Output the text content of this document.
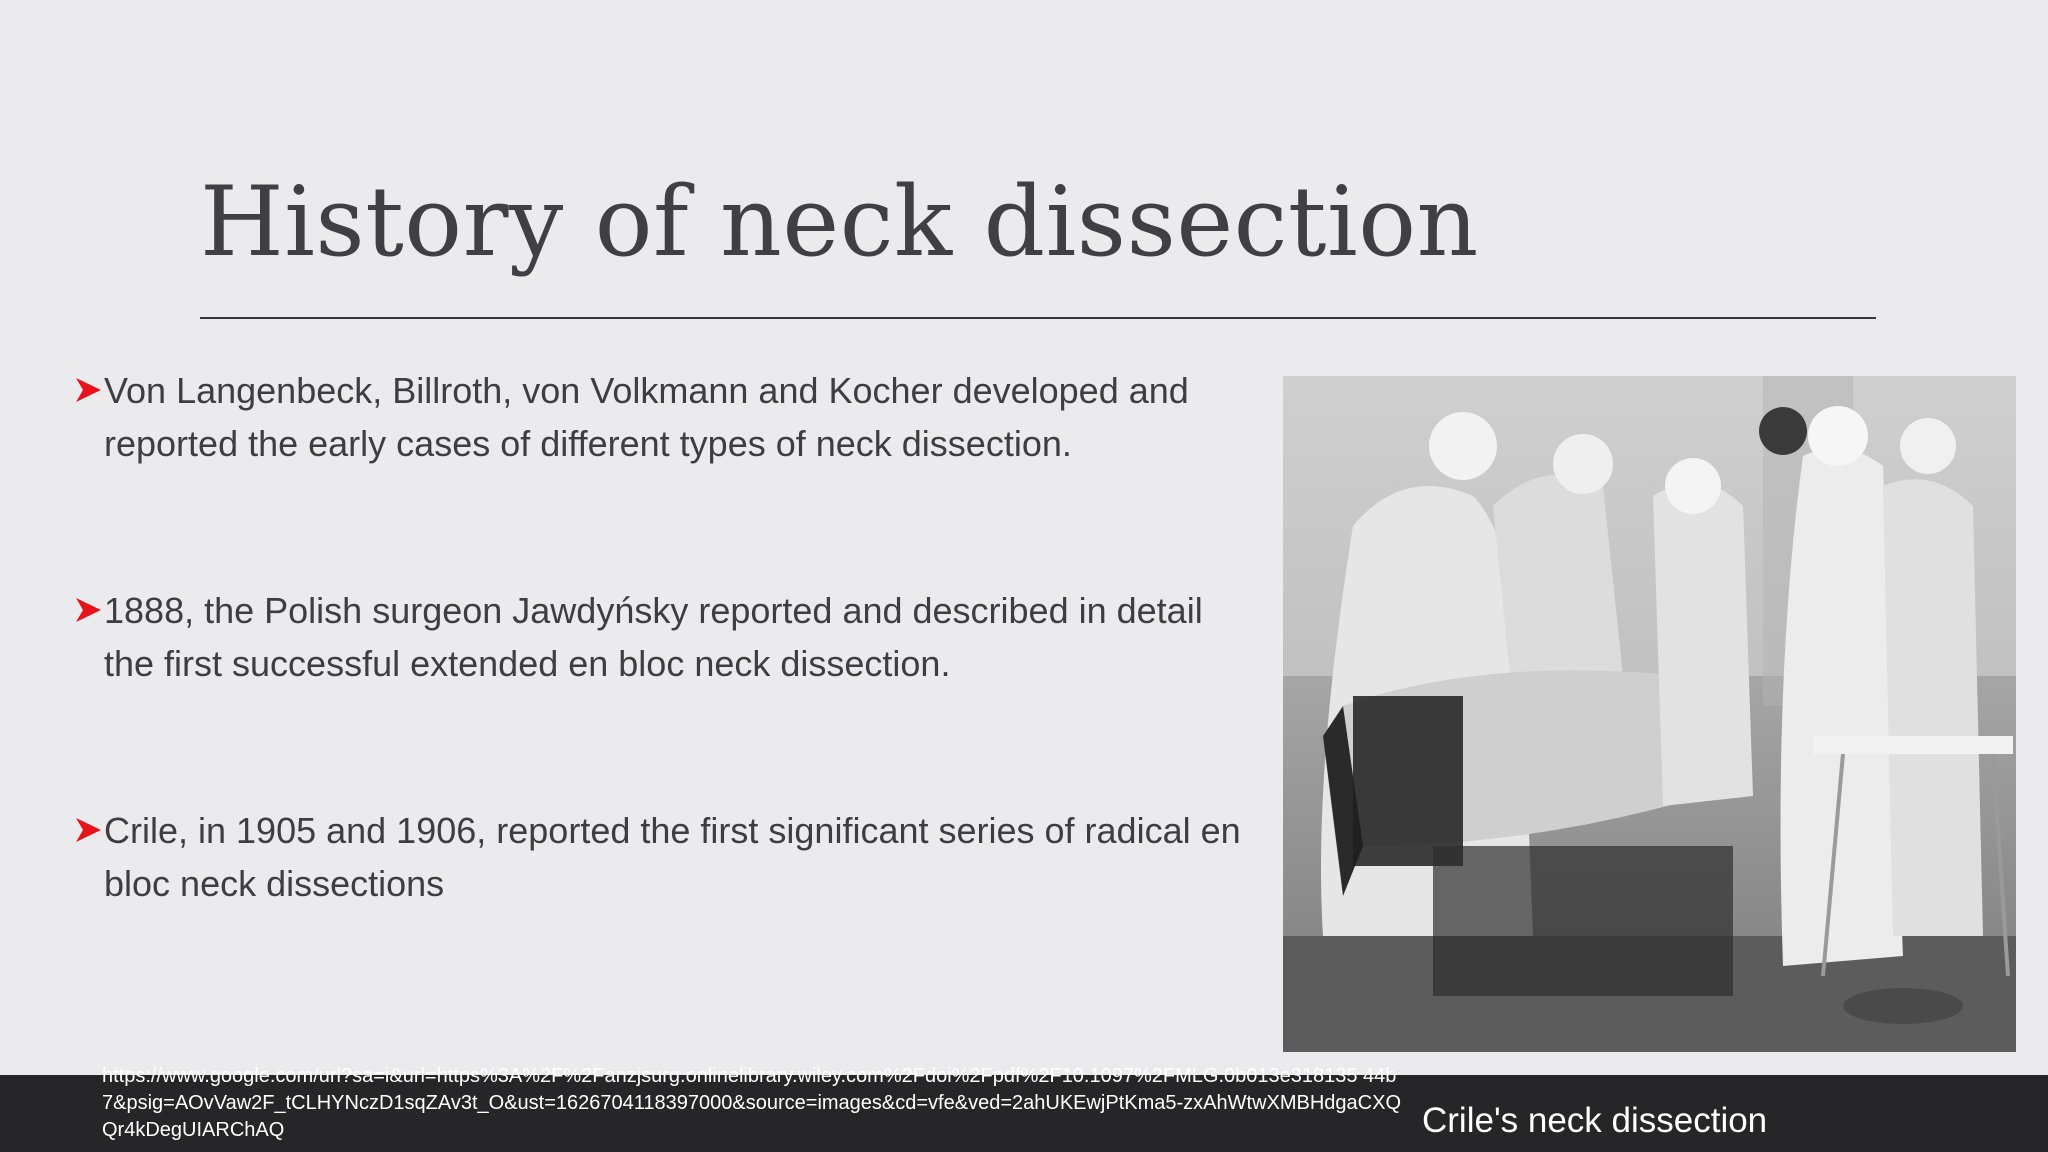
History of neck dissection
Von Langenbeck, Billroth, von Volkmann and Kocher developed and reported the early cases of different types of neck dissection.
1888, the Polish surgeon Jawdyńsky reported and described in detail the first successful extended en bloc neck dissection.
Crile, in 1905 and 1906, reported the first significant series of radical en bloc neck dissections
https://www.google.com/url?sa=i&url=https%3A%2F%2Fanzjsurg.onlinelibrary.wiley.com%2Fdoi%2Fpdf%2F10.1097%2FMLG.0b013e318135 44b7&psig=AOvVaw2F_tCLHYNczD1sqZAv3t_O&ust=1626704118397000&source=images&cd=vfe&ved=2ahUKEwjPtKma5-zxAhWtwXMBHdgaCXQQr4kDegUIARChAQ	Crile's neck dissection
